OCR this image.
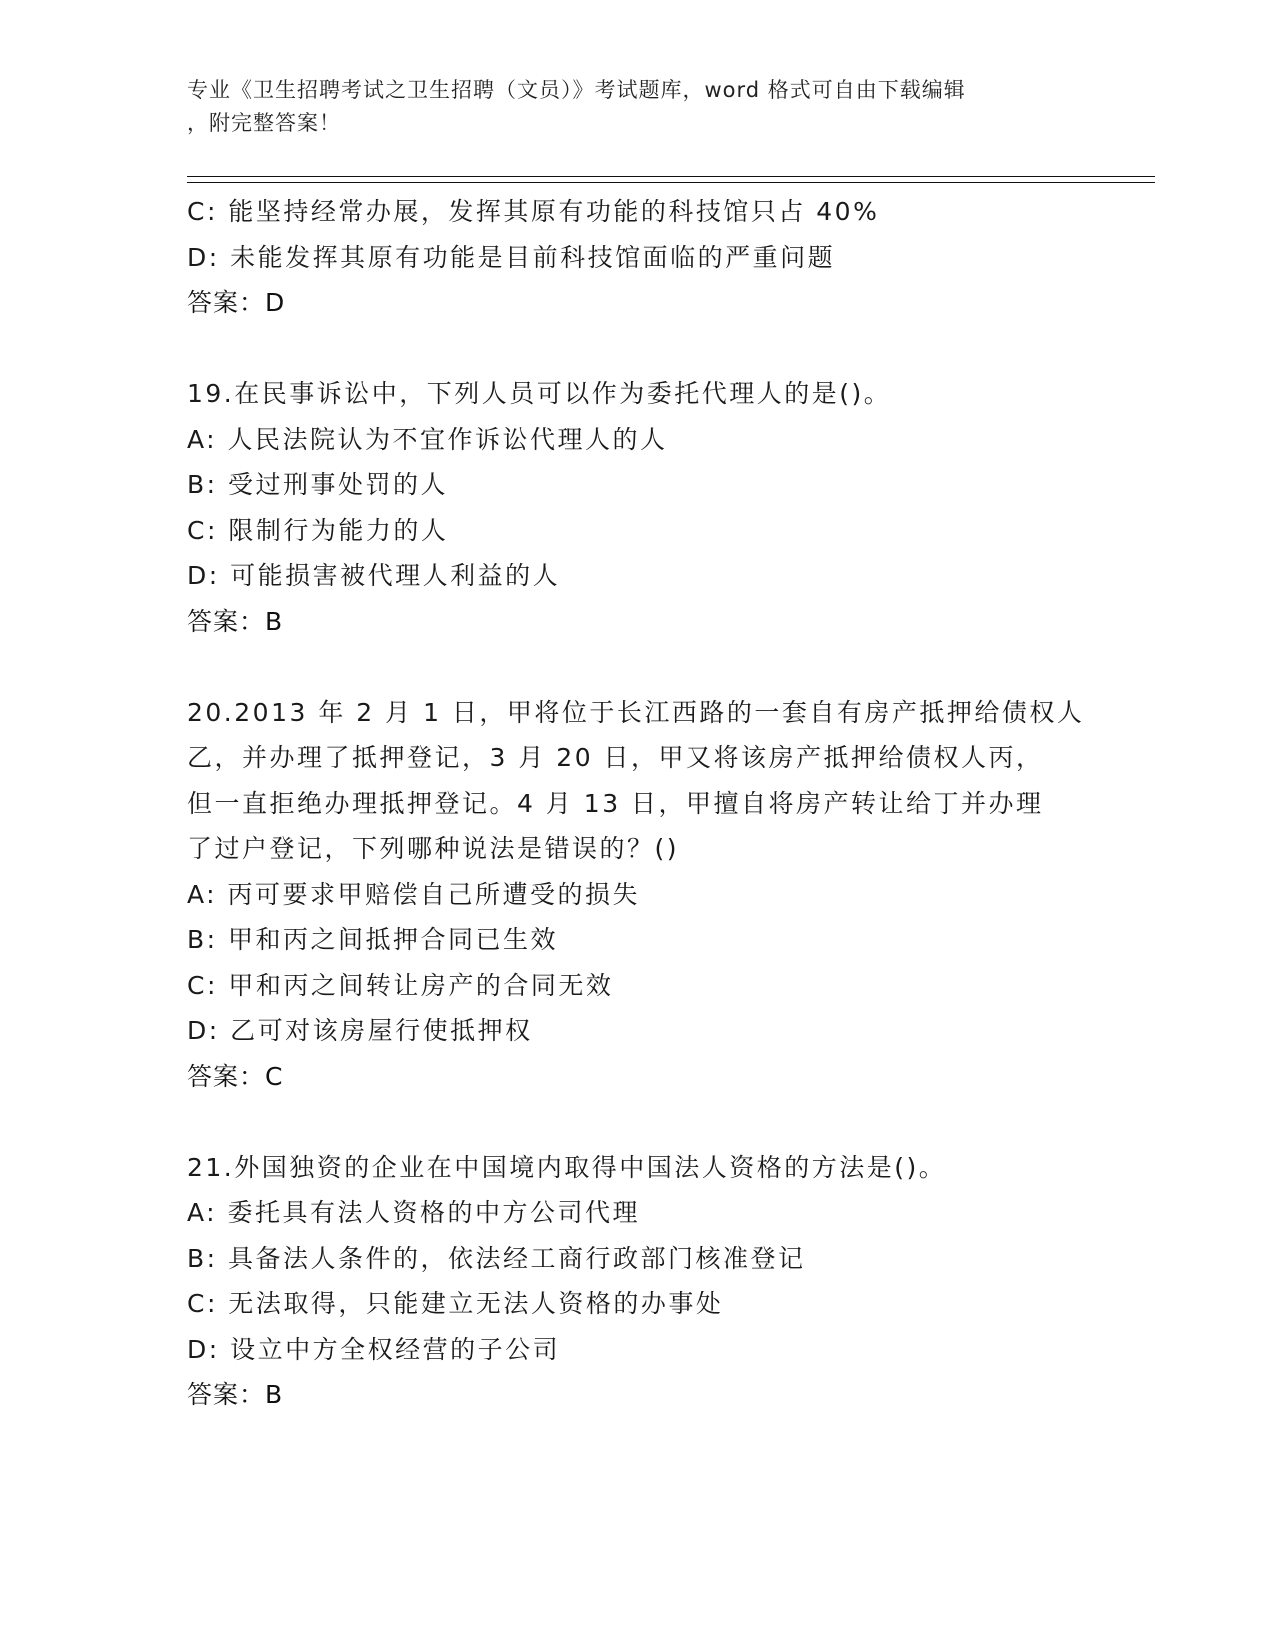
专业《卫生招聘考试之卫生招聘（文员）》考试题库，word 格式可自由下载编辑
，附完整答案！
C: 能坚持经常办展，发挥其原有功能的科技馆只占 40%
D: 未能发挥其原有功能是目前科技馆面临的严重问题
答案：D
19.在民事诉讼中，下列人员可以作为委托代理人的是()。
A: 人民法院认为不宜作诉讼代理人的人
B: 受过刑事处罚的人
C: 限制行为能力的人
D: 可能损害被代理人利益的人
答案：B
20.2013 年 2 月 1 日，甲将位于长江西路的一套自有房产抵押给债权人
乙，并办理了抵押登记，3 月 20 日，甲又将该房产抵押给债权人丙，
但一直拒绝办理抵押登记。4 月 13 日，甲擅自将房产转让给丁并办理
了过户登记，下列哪种说法是错误的？()
A: 丙可要求甲赔偿自己所遭受的损失
B: 甲和丙之间抵押合同已生效
C: 甲和丙之间转让房产的合同无效
D: 乙可对该房屋行使抵押权
答案：C
21.外国独资的企业在中国境内取得中国法人资格的方法是()。
A: 委托具有法人资格的中方公司代理
B: 具备法人条件的，依法经工商行政部门核准登记
C: 无法取得，只能建立无法人资格的办事处
D: 设立中方全权经营的子公司
答案：B
